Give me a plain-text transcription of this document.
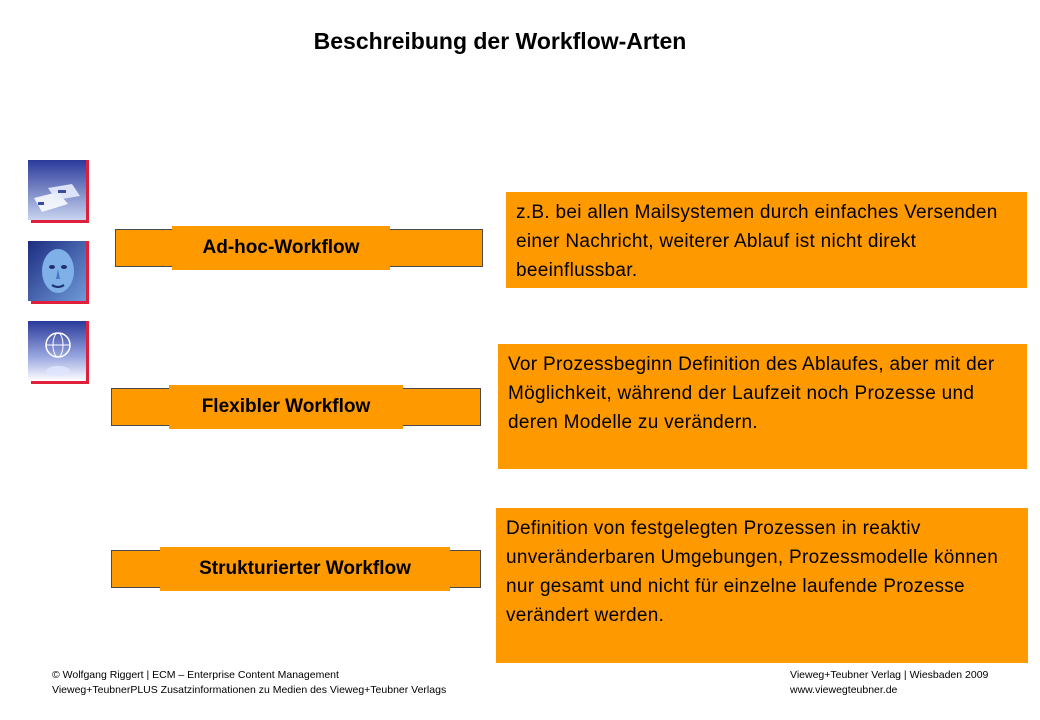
Beschreibung der Workflow-Arten
Ad-hoc-Workflow
z.B. bei allen Mailsystemen durch einfaches Versenden einer Nachricht, weiterer Ablauf ist nicht direkt beeinflussbar.
Flexibler Workflow
Vor Prozessbeginn Definition des Ablaufes, aber mit der Möglichkeit, während der Laufzeit noch Prozesse und deren Modelle zu verändern.
Strukturierter Workflow
Definition von festgelegten Prozessen in reaktiv unveränderbaren Umgebungen, Prozessmodelle können nur gesamt und nicht für einzelne laufende Prozesse verändert werden.
© Wolfgang Riggert | ECM – Enterprise Content Management
Vieweg+TeubnerPLUS Zusatzinformationen zu Medien des Vieweg+Teubner Verlags
Vieweg+Teubner Verlag | Wiesbaden 2009
www.viewegteubner.de
